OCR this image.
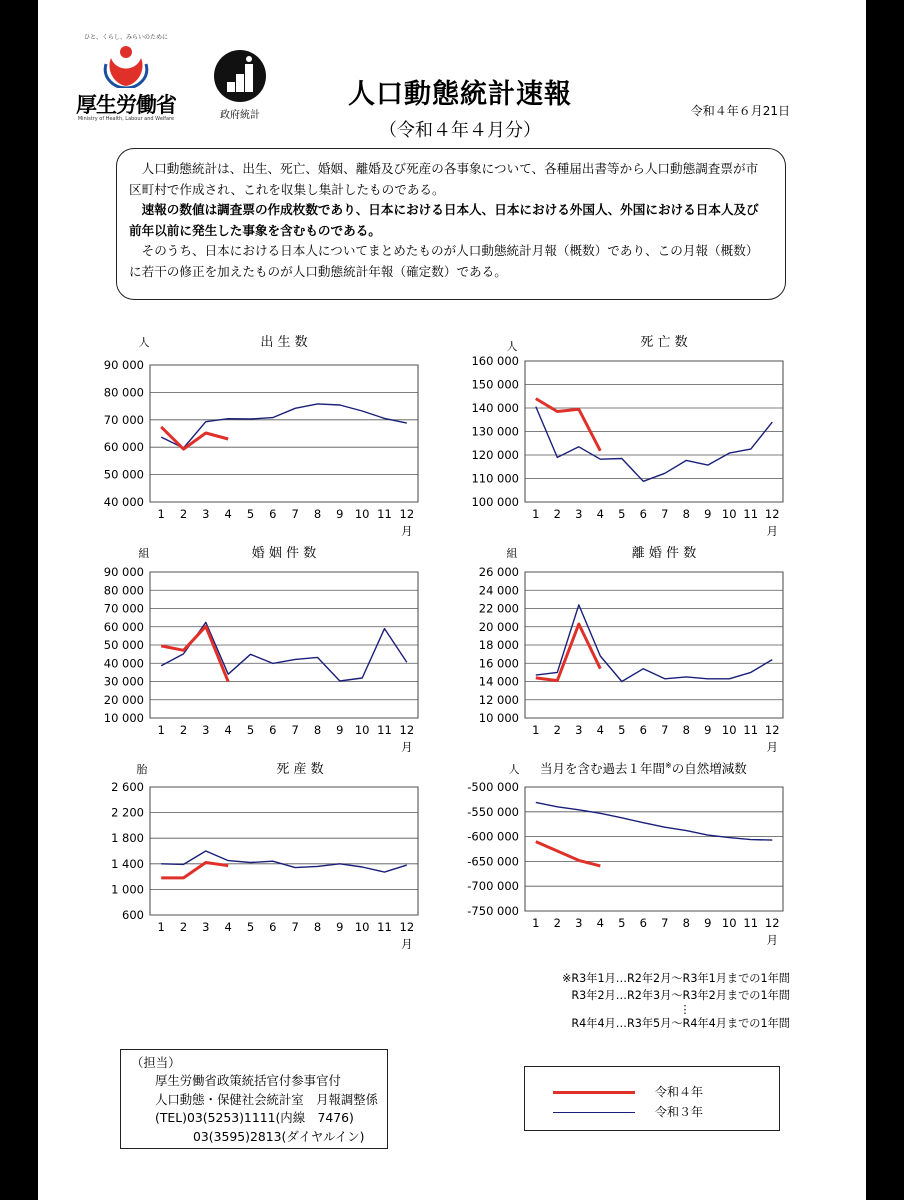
ひと、くらし、みらいのために
厚生労働省
Ministry of Health, Labour and Welfare	政府統計
人口動態統計速報
（令和４年４月分）
令和４年６月21日

人口動態統計は、出生、死亡、婚姻、離婚及び死産の各事象について、各種届出書等から人口動態調査票が市区町村で作成され、これを収集し集計したものである。

速報の数値は調査票の作成枚数であり、日本における日本人、日本における外国人、外国における日本人及び前年以前に発生した事象を含むものである。

そのうち、日本における日本人についてまとめたものが人口動態統計月報（概数）であり、この月報（概数）に若干の修正を加えたものが人口動態統計年報（確定数）である。

40 000
50 000
60 000
70 000
80 000
90 000
1 2 3 4 5 6 7 8 9 10 11 12
月
人	出 生 数
100 000
110 000
120 000
130 000
140 000
150 000
160 000
1 2 3 4 5 6 7 8 9 10 11 12
月
人	死 亡 数
10 000
20 000
30 000
40 000
50 000
60 000
70 000
80 000
90 000
1 2 3 4 5 6 7 8 9 10 11 12
月
組	婚 姻 件 数
10 000
12 000
14 000
16 000
18 000
20 000
22 000
24 000
26 000
1 2 3 4 5 6 7 8 9 10 11 12
月
組	離 婚 件 数
600
1 000
1 400
1 800
2 200
2 600
1 2 3 4 5 6 7 8 9 10 11 12
月
胎	死 産 数
-750 000
-700 000
-650 000
-600 000
-550 000
-500 000
1 2 3 4 5 6 7 8 9 10 11 12
月
人 当月を含む過去１年間※の自然増減数
※R3年1月…R2年2月～R3年1月までの1年間
R3年2月…R2年3月～R3年2月までの1年間
⋮
R4年4月…R3年5月～R4年4月までの1年間
（担当）
厚生労働省政策統括官付参事官付
人口動態・保健社会統計室　月報調整係
(TEL)03(5253)1111(内線　7476)
03(3595)2813(ダイヤルイン)
令和４年
令和３年
